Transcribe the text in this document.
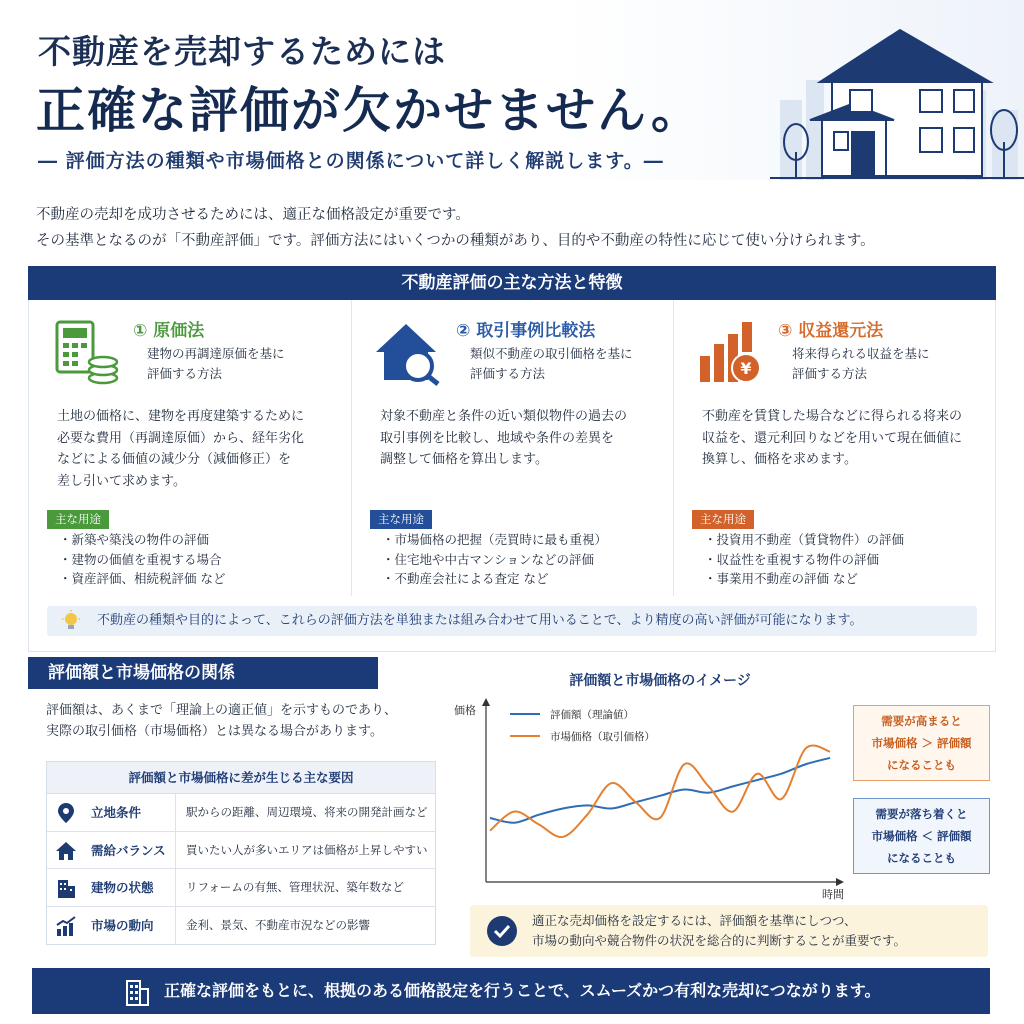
不動産を売却するためには
正確な評価が欠かせません。
― 評価方法の種類や市場価格との関係について詳しく解説します。―
不動産の売却を成功させるためには、適正な価格設定が重要です。
その基準となるのが「不動産評価」です。評価方法にはいくつかの種類があり、目的や不動産の特性に応じて使い分けられます。
不動産評価の主な方法と特徴
① 原価法
建物の再調達原価を基に
評価する方法
土地の価格に、建物を再度建築するために
必要な費用（再調達原価）から、経年劣化
などによる価値の減少分（減価修正）を
差し引いて求めます。
主な用途
・ 新築や築浅の物件の評価
・ 建物の価値を重視する場合
・ 資産評価、相続税評価 など
② 取引事例比較法
類似不動産の取引価格を基に
評価する方法
対象不動産と条件の近い類似物件の過去の
取引事例を比較し、地域や条件の差異を
調整して価格を算出します。
主な用途
・ 市場価格の把握（売買時に最も重視）
・ 住宅地や中古マンションなどの評価
・ 不動産会社による査定 など
¥
③ 収益還元法
将来得られる収益を基に
評価する方法
不動産を賃貸した場合などに得られる将来の
収益を、還元利回りなどを用いて現在価値に
換算し、価格を求めます。
主な用途
・ 投資用不動産（賃貸物件）の評価
・ 収益性を重視する物件の評価
・ 事業用不動産の評価 など
不動産の種類や目的によって、これらの評価方法を単独または組み合わせて用いることで、より精度の高い評価が可能になります。
評価額と市場価格の関係
評価額は、あくまで「理論上の適正値」を示すものであり、
実際の取引価格（市場価格）とは異なる場合があります。
評価額と市場価格に差が生じる主な要因
立地条件	駅からの距離、周辺環境、将来の開発計画など
需給バランス	買いたい人が多いエリアは価格が上昇しやすい
建物の状態	リフォームの有無、管理状況、築年数など
市場の動向	金利、景気、不動産市況などの影響
評価額と市場価格のイメージ
価格
時間
評価額（理論値）
市場価格（取引価格）
需要が高まると
市場価格 ＞ 評価額
になることも
需要が落ち着くと
市場価格 ＜ 評価額
になることも
適正な売却価格を設定するには、評価額を基準にしつつ、
市場の動向や競合物件の状況を総合的に判断することが重要です。
正確な評価をもとに、根拠のある価格設定を行うことで、スムーズかつ有利な売却につながります。
